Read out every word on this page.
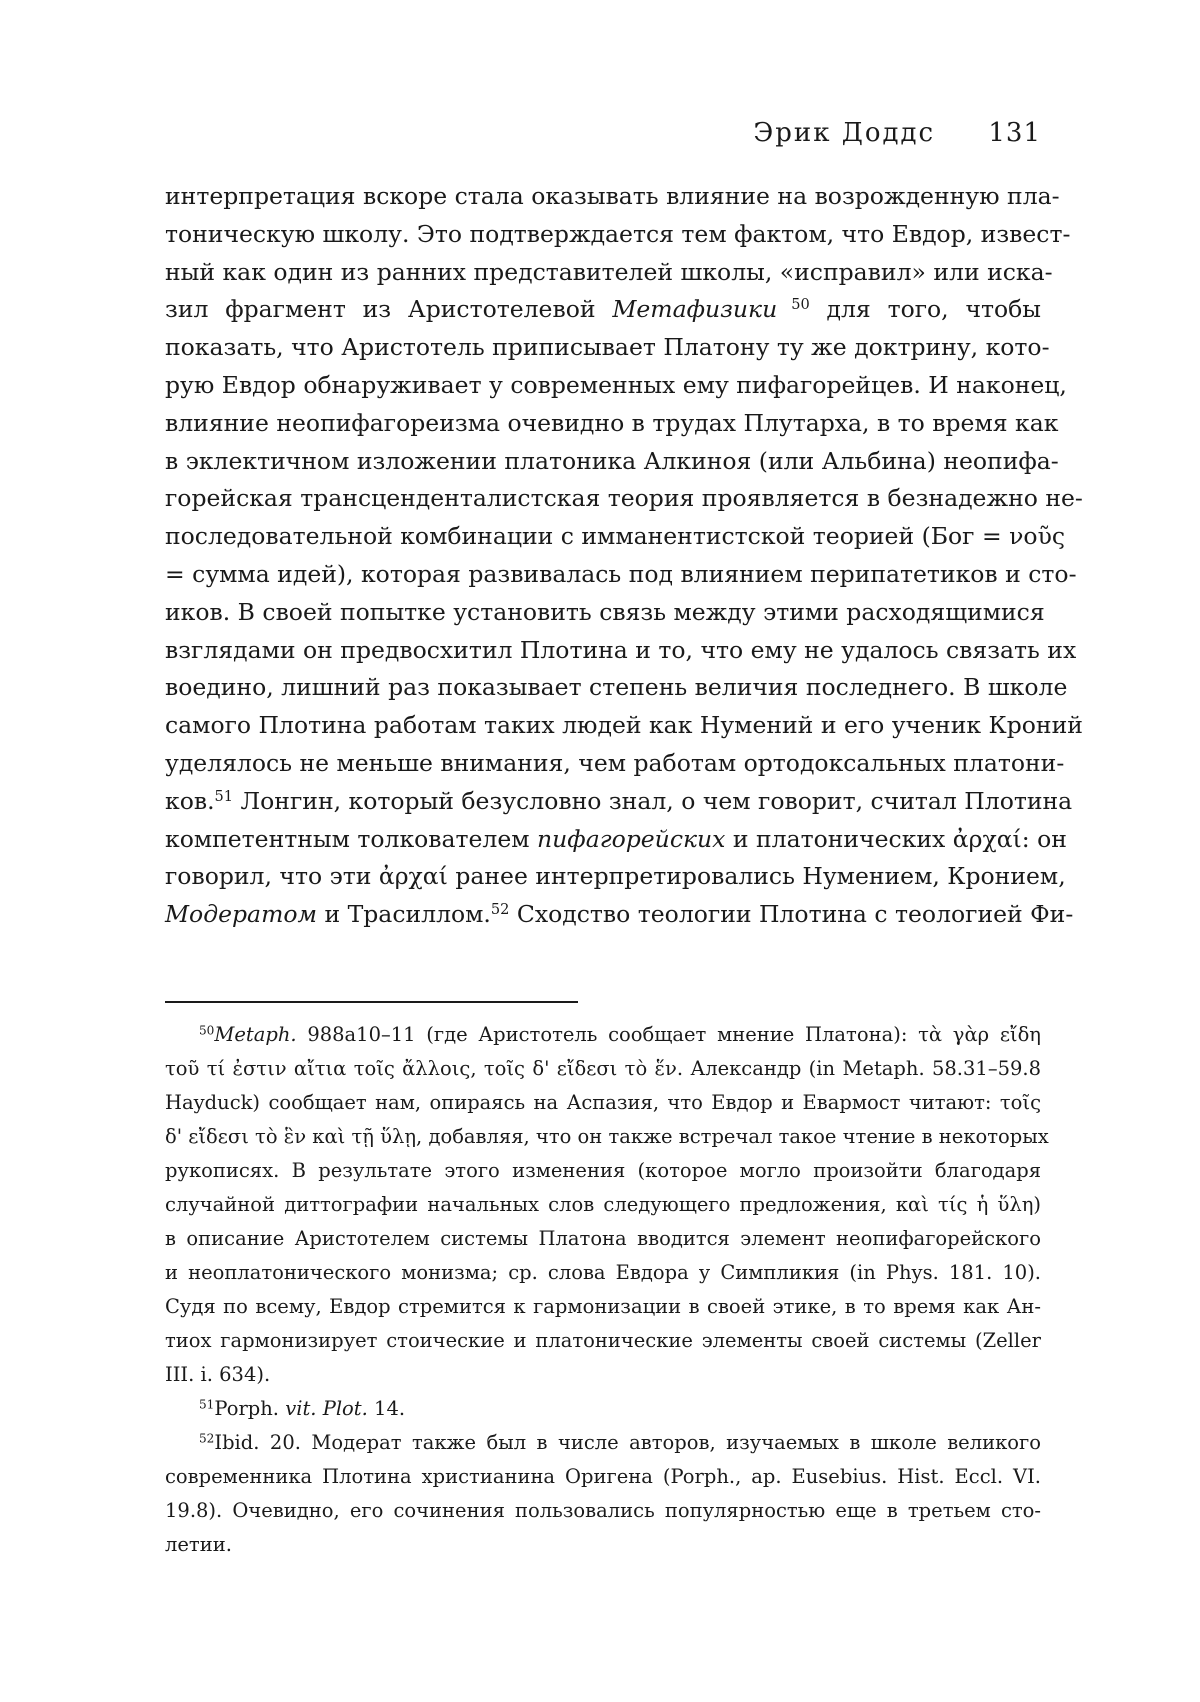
Эрик Доддс 131
интерпретация вскоре стала оказывать влияние на возрожденную пла-
тоническую школу. Это подтверждается тем фактом, что Евдор, извест-
ный как один из ранних представителей школы, «исправил» или иска-
зил фрагмент из Аристотелевой Метафизики $^{50}$ для того, чтобы
показать, что Аристотель приписывает Платону ту же доктрину, кото-
рую Евдор обнаруживает у современных ему пифагорейцев. И наконец,
влияние неопифагореизма очевидно в трудах Плутарха, в то время как
в эклектичном изложении платоника Алкиноя (или Альбина) неопифа-
горейская трансценденталистская теория проявляется в безнадежно не-
последовательной комбинации с имманентистской теорией (Бог = νοῦς
= сумма идей), которая развивалась под влиянием перипатетиков и сто-
иков. В своей попытке установить связь между этими расходящимися
взглядами он предвосхитил Плотина и то, что ему не удалось связать их
воедино, лишний раз показывает степень величия последнего. В школе
самого Плотина работам таких людей как Нумений и его ученик Кроний
уделялось не меньше внимания, чем работам ортодоксальных платони-
ков.$^{51}$ Лонгин, который безусловно знал, о чем говорит, считал Плотина
компетентным толкователем пифагорейских и платонических ἀρχαί: он
говорил, что эти ἀρχαί ранее интерпретировались Нумением, Кронием,
Модератом и Трасиллом.$^{52}$ Сходство теологии Плотина с теологией Фи-
$^{50}$Metaph. 988a10–11 (где Аристотель сообщает мнение Платона): τὰ γὰρ εἴδη
τοῦ τί ἐστιν αἴτια τοῖς ἄλλοις, τοῖς δ' εἴδεσι τὸ ἕν. Александр (in Metaph. 58.31–59.8
Hayduck) сообщает нам, опираясь на Аспазия, что Евдор и Евармост читают: τοῖς
δ' εἴδεσι τὸ ἓν καὶ τῇ ὕλῃ, добавляя, что он также встречал такое чтение в некоторых
рукописях. В результате этого изменения (которое могло произойти благодаря
случайной диттографии начальных слов следующего предложения, καὶ τίς ἡ ὕλη)
в описание Аристотелем системы Платона вводится элемент неопифагорейского
и неоплатонического монизма; ср. слова Евдора у Симпликия (in Phys. 181. 10).
Судя по всему, Евдор стремится к гармонизации в своей этике, в то время как Ан-
тиох гармонизирует стоические и платонические элементы своей системы (Zeller
III. i. 634).
$^{51}$Porph. vit. Plot. 14.
$^{52}$Ibid. 20. Модерат также был в числе авторов, изучаемых в школе великого
современника Плотина христианина Оригена (Porph., ap. Eusebius. Hist. Eccl. VI.
19.8). Очевидно, его сочинения пользовались популярностью еще в третьем сто-
летии.
